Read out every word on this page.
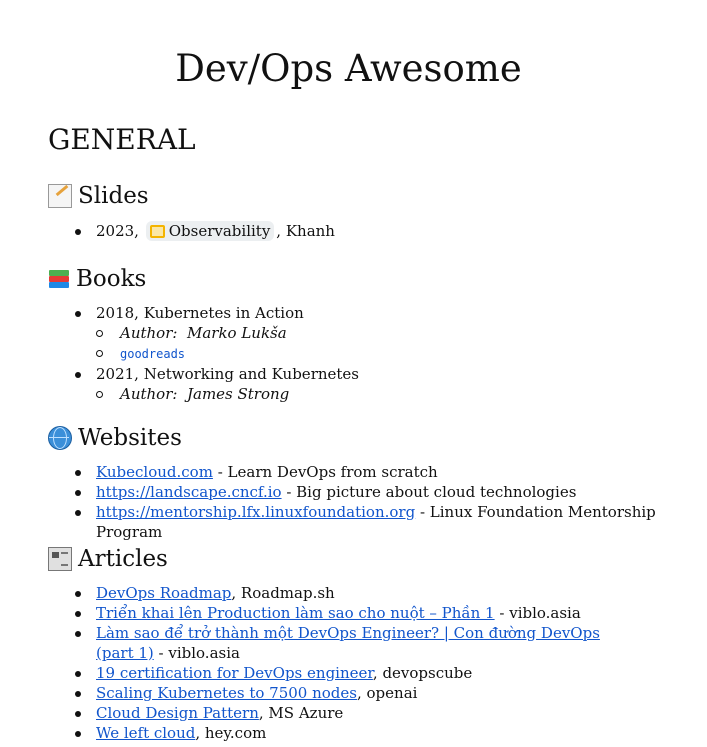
Dev/Ops Awesome
GENERAL
Slides
2023, Observability , Khanh
Books
2018, Kubernetes in Action
Author: Marko Lukša
goodreads
2021, Networking and Kubernetes
Author: James Strong
Websites
Kubecloud.com - Learn DevOps from scratch
https://landscape.cncf.io - Big picture about cloud technologies
https://mentorship.lfx.linuxfoundation.org - Linux Foundation Mentorship Program
Articles
DevOps Roadmap, Roadmap.sh
Triển khai lên Production làm sao cho nuột – Phần 1 - viblo.asia
Làm sao để trở thành một DevOps Engineer? | Con đường DevOps (part 1) - viblo.asia
19 certification for DevOps engineer, devopscube
Scaling Kubernetes to 7500 nodes, openai
Cloud Design Pattern, MS Azure
We left cloud, hey.com
